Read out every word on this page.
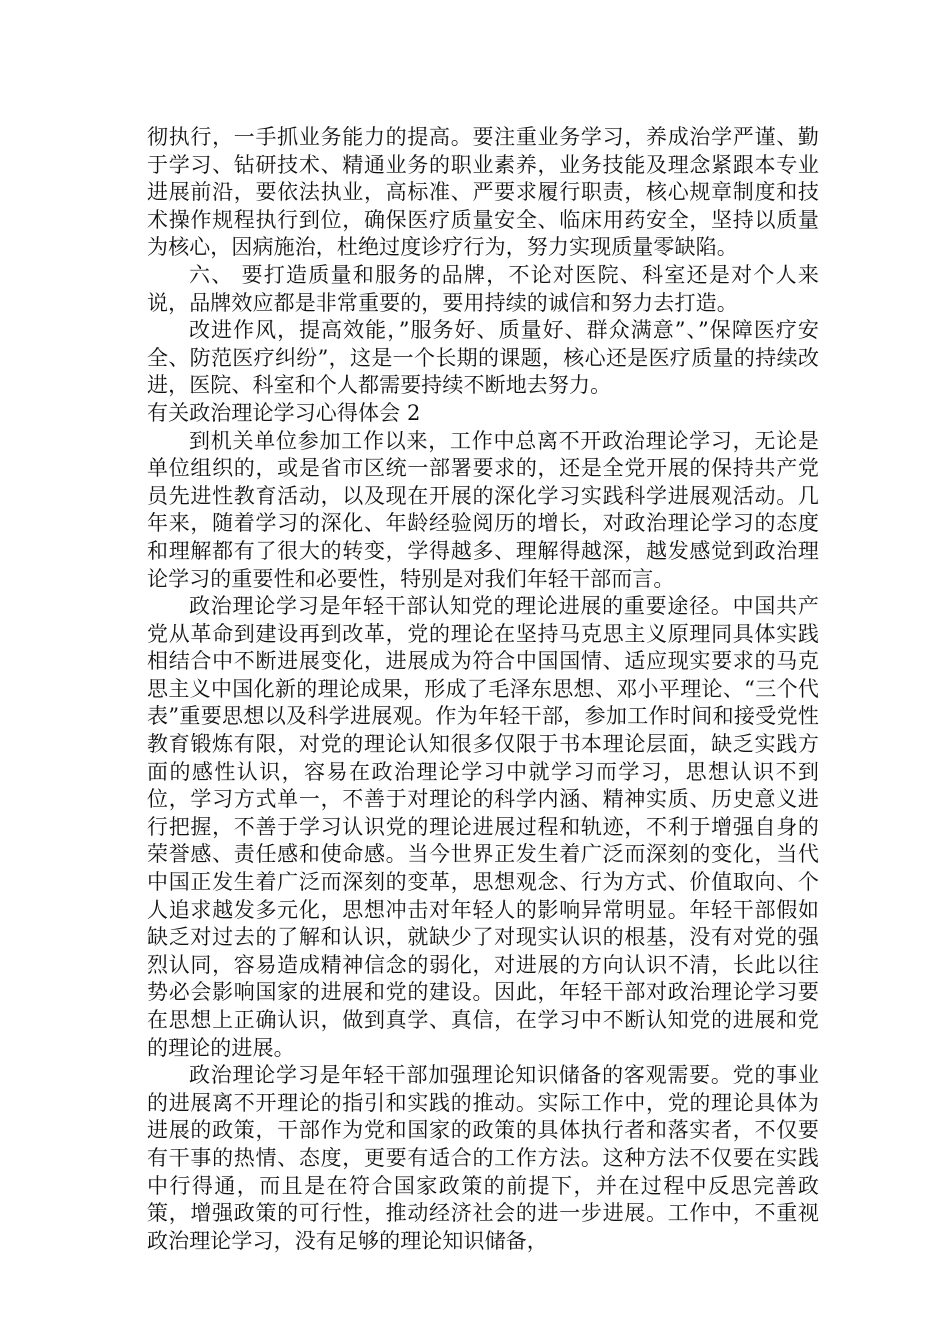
彻执行，一手抓业务能力的提高。要注重业务学习，养成治学严谨、勤于学习、钻研技术、精通业务的职业素养，业务技能及理念紧跟本专业进展前沿，要依法执业，高标准、严要求履行职责，核心规章制度和技术操作规程执行到位，确保医疗质量安全、临床用药安全，坚持以质量为核心，因病施治，杜绝过度诊疗行为，努力实现质量零缺陷。

六、 要打造质量和服务的品牌，不论对医院、科室还是对个人来说，品牌效应都是非常重要的，要用持续的诚信和努力去打造。

改进作风，提高效能，”服务好、质量好、群众满意”、”保障医疗安全、防范医疗纠纷”，这是一个长期的课题，核心还是医疗质量的持续改进，医院、科室和个人都需要持续不断地去努力。

有关政治理论学习心得体会 2

到机关单位参加工作以来，工作中总离不开政治理论学习，无论是单位组织的，或是省市区统一部署要求的，还是全党开展的保持共产党员先进性教育活动，以及现在开展的深化学习实践科学进展观活动。几年来，随着学习的深化、年龄经验阅历的增长，对政治理论学习的态度和理解都有了很大的转变，学得越多、理解得越深，越发感觉到政治理论学习的重要性和必要性，特别是对我们年轻干部而言。

政治理论学习是年轻干部认知党的理论进展的重要途径。中国共产党从革命到建设再到改革，党的理论在坚持马克思主义原理同具体实践相结合中不断进展变化，进展成为符合中国国情、适应现实要求的马克思主义中国化新的理论成果，形成了毛泽东思想、邓小平理论、“三个代表”重要思想以及科学进展观。作为年轻干部，参加工作时间和接受党性教育锻炼有限，对党的理论认知很多仅限于书本理论层面，缺乏实践方面的感性认识，容易在政治理论学习中就学习而学习，思想认识不到位，学习方式单一，不善于对理论的科学内涵、精神实质、历史意义进行把握，不善于学习认识党的理论进展过程和轨迹，不利于增强自身的荣誉感、责任感和使命感。当今世界正发生着广泛而深刻的变化，当代中国正发生着广泛而深刻的变革，思想观念、行为方式、价值取向、个人追求越发多元化，思想冲击对年轻人的影响异常明显。年轻干部假如缺乏对过去的了解和认识，就缺少了对现实认识的根基，没有对党的强烈认同，容易造成精神信念的弱化，对进展的方向认识不清，长此以往势必会影响国家的进展和党的建设。因此，年轻干部对政治理论学习要在思想上正确认识，做到真学、真信，在学习中不断认知党的进展和党的理论的进展。

政治理论学习是年轻干部加强理论知识储备的客观需要。党的事业的进展离不开理论的指引和实践的推动。实际工作中，党的理论具体为进展的政策，干部作为党和国家的政策的具体执行者和落实者，不仅要有干事的热情、态度，更要有适合的工作方法。这种方法不仅要在实践中行得通，而且是在符合国家政策的前提下，并在过程中反思完善政策，增强政策的可行性，推动经济社会的进一步进展。工作中，不重视政治理论学习，没有足够的理论知识储备，
